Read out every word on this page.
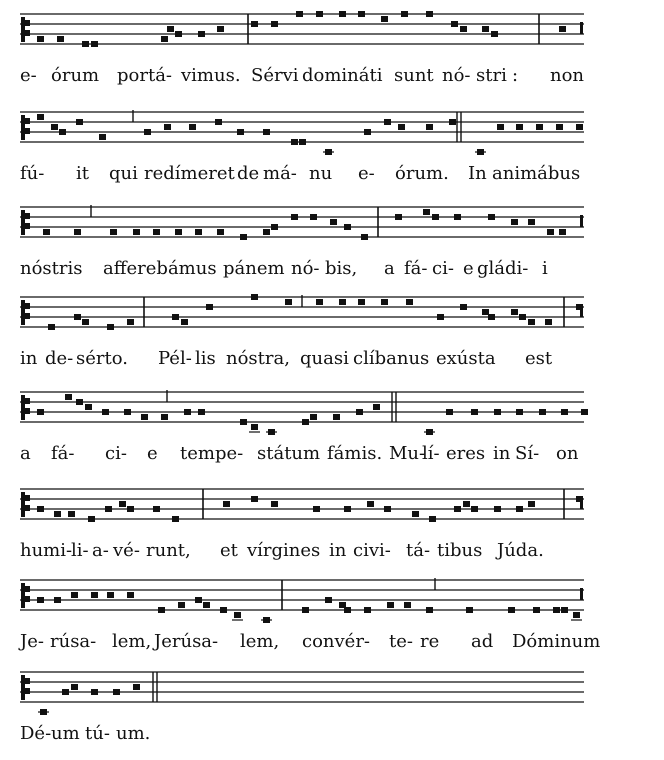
e- órum portá- vimus. Sérvi domináti sunt nó- stri : non
fú- it qui redímeret de má- nu e- órum. In animábus
nóstris afferebámus pánem nó- bis, a fá- ci- e gládi- i
in de- sérto. Pél- lis nóstra, quasi clíbanus exústa est
a fá- ci- e tempe- státum fámis. Mu-
lí- eres in Sí- on
humi-
li- a- vé- runt, et vírgines in civi- tá- tibus Júda.
Je- rúsa- lem, Jerúsa- lem, convér- te- re ad Dóminum
Dé- um tú- um.
